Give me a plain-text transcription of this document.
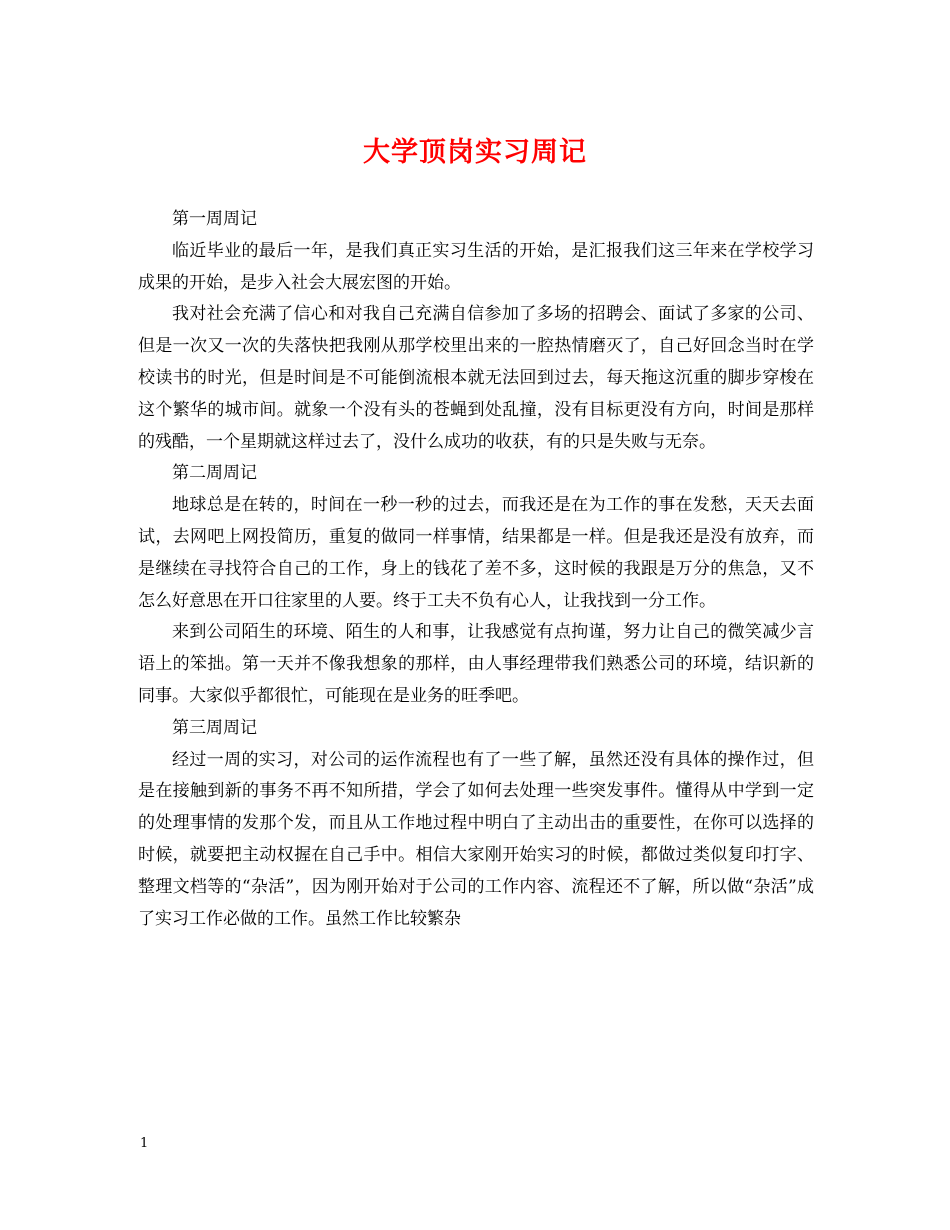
大学顶岗实习周记

第一周周记

临近毕业的最后一年，是我们真正实习生活的开始，是汇报我们这三年来在学校学习成果的开始，是步入社会大展宏图的开始。

我对社会充满了信心和对我自己充满自信参加了多场的招聘会、面试了多家的公司、但是一次又一次的失落快把我刚从那学校里出来的一腔热情磨灭了，自己好回念当时在学校读书的时光，但是时间是不可能倒流根本就无法回到过去，每天拖这沉重的脚步穿梭在这个繁华的城市间。就象一个没有头的苍蝇到处乱撞，没有目标更没有方向，时间是那样的残酷，一个星期就这样过去了，没什么成功的收获，有的只是失败与无奈。

第二周周记

地球总是在转的，时间在一秒一秒的过去，而我还是在为工作的事在发愁，天天去面试，去网吧上网投简历，重复的做同一样事情，结果都是一样。但是我还是没有放弃，而是继续在寻找符合自己的工作，身上的钱花了差不多，这时候的我跟是万分的焦急，又不怎么好意思在开口往家里的人要。终于工夫不负有心人，让我找到一分工作。

来到公司陌生的环境、陌生的人和事，让我感觉有点拘谨，努力让自己的微笑减少言语上的笨拙。第一天并不像我想象的那样，由人事经理带我们熟悉公司的环境，结识新的同事。大家似乎都很忙，可能现在是业务的旺季吧。

第三周周记

经过一周的实习，对公司的运作流程也有了一些了解，虽然还没有具体的操作过，但是在接触到新的事务不再不知所措，学会了如何去处理一些突发事件。懂得从中学到一定的处理事情的发那个发，而且从工作地过程中明白了主动出击的重要性，在你可以选择的时候，就要把主动权握在自己手中。相信大家刚开始实习的时候，都做过类似复印打字、整理文档等的“杂活”，因为刚开始对于公司的工作内容、流程还不了解，所以做“杂活”成了实习工作必做的工作。虽然工作比较繁杂

1
